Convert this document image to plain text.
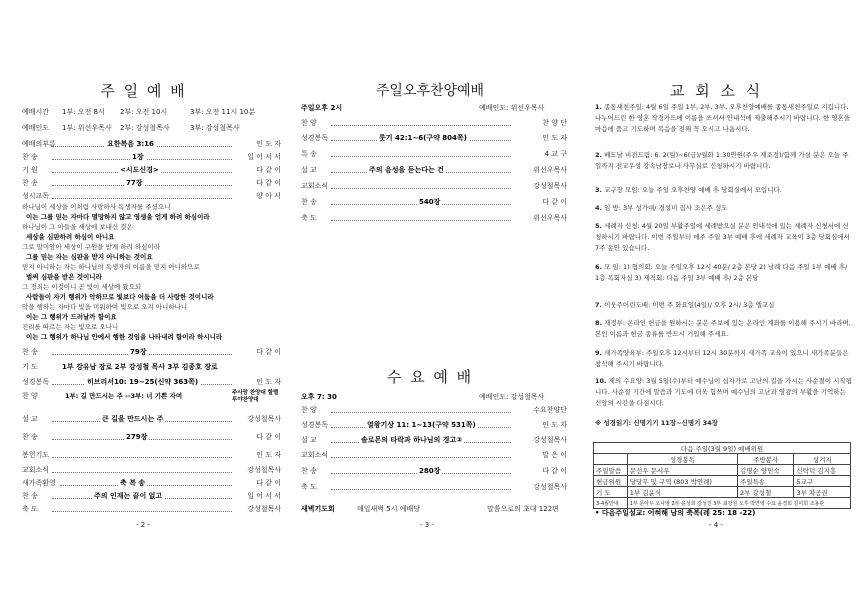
주 일 예 배
예배시간 1부: 오전 8시 2부: 오전 10시	3부: 오전 11시 10분
예배인도 1부: 위선우목사 2부: 강성철목사	3부: 강성철목사
예배의부름	요한복음 3:16	인 도 자
찬 송	1장	일 어 서 서
기 원	<시도신경>	다 같 이
찬 송	77장	다 같 이
성시교독	양 아 서
하나님이 세상을 이처럼 사랑하사 독생자를 주셨으니
이는 그를 믿는 자마다 멸망하지 않고 영생을 얻게 하려 하심이라
하나님이 그 아들을 세상에 보내신 것은
세상을 심판하려 하심이 아니요
그로 말미암아 세상이 구원을 받게 하려 하심이라
그를 믿는 자는 심판을 받지 아니하는 것이요
믿지 아니하는 자는 하나님의 독생자의 이름을 믿지 아니하므로
벌써 심판을 받은 것이니라
그 정죄는 이것이니 곧 빛이 세상에 왔으되
사람들이 자기 행위가 악하므로 빛보다 어둠을 더 사랑한 것이니라
악을 행하는 자마다 빛을 미워하여 빛으로 오지 아니하나니
이는 그 행위가 드러날까 함이요
진리를 따르는 자는 빛으로 오나니
이는 그 행위가 하나님 안에서 행한 것임을 나타내려 함이라 하시니라
찬 송	79장	다 같 이
기 도	1부 강유남 장로 2부 강성철 목사 3부 김종호 장로
성경봉독	히브리서10: 19~25(신약 363쪽)	인 도 자
찬 양	1부: 길 만드시는 주 --3부: 너 기쁜 자여	주사랑 찬양대 할렐루야찬양대
설 교	큰 길을 만드시는 주	강성철목사
찬 송	279장	다 같 이
봉헌기도	인 도 자
교회소식	강성철목사
새가족환영	축 복 송	다 같 이
찬 송	주의 인재는 끝이 없고	일 어 서 서
축 도	강성철목사
- 2 -
주일오후찬양예배
주일오후 2시	예배인도: 위선우목사
찬 양	찬 양 단
성경봉독	룻기 42:1~6(구약 804쪽)	인 도 자
특 송	4 교 구
설 교	주의 음성을 듣는다는 건	위선우목사
교회소식	강성철목사
찬 송	540장	다 같 이
축 도	위선우목사
수 요 예 배
오후 7: 30	예배인도: 강성철목사
찬 양	수요찬양단
성경봉독	열왕기상 11: 1~13(구약 531쪽)	인 도 자
설 교	솔로몬의 타락과 하나님의 경고②	강성철목사
교회소식	말 은 이
찬 송	280장	다 같 이
축 도	강성철목사
새벽기도회	매일새벽 5시 예배당	말씀으로의 초대 122편
- 3 -
교 회 소 식
1. 종통새친주일: 4월 6일 주일 1부, 2부, 3부, 오후찬양예배를 종통새친주일로 지킵니다. 나누어드린 한 영혼 작정카드에 이름을 쓰셔서 안내석에 제출해주시기 바랍니다. 한 영혼을 마음에 품고 기도하며 복음을 전해 꼭 오시고 나옵시다.
2. 배드날 비전드림: 6. 2(월)~6(금)/월화 1:30만원(주우 제조정)/함께 가실 분은 오늘 주일까지 전교우성 강속남장로나 사무실로 신청하시기 바랍니다.
3. 교구장 모임: 오늘 주일 오후찬양 예배 후 당회실에서 모입니다.
4. 임 방: 3부 성가대/ 경성미 집사 조은주 성도
5. 세례자 신청: 4월 20일 부활주일에 세례받으실 분은 안내석에 있는 세례자 신청서에 신청하시기 바랍니다. 이번 주일부터 매주 주일 3부 예배 후에 세례자 교육이 3층 당회실에서 7주 동안 있습니다.
6. 모 임: 1) 협의회: 오늘 주일오후 12시 40분/ 2층 본당 2) 남례 다음 주일 1부 예배 후/ 1층 목회자실 3) 제직회: 다음 주일 3부 예배 후/ 2층 본당
7. 이웃주어린도배: 이번 주 화요일(4일)/ 오후 2시/ 3층 엘교실
8. 재정부: 온라인 헌금을 원하시는 분은 주보에 있는 온라인 계좌를 이용해 주시기 바라며, 본인 이름과 헌금 종류를 반드시 기입해 주세요.
9. 새가족양육부: 주일오후 12시부터 12시 30분까지 새가족 교육이 있으니 새가족분들은 참석해 주시기 바랍니다.
10. 제의 수요양: 3월 5일(수)부터 예수님이 십자가로 고난의 길을 가시는 사순절이 시작됩니다. 사순절 기간에 말씀과 기도에 더욱 힘쓰며 예수님의 고난과 영광의 부활을 기억하는 신앙의 시간을 다짐시다.
※ 성경읽기: 신명기기 11장~신명기 34장
다음 주일(3월 9일) 예배위원			
	성경봉독	주방봉사	성겨지
주일말씀	문선우 문서우	김명순 양민숙	신탁덕 김지흥
헌금위원	당당무 및 구역 (803 박연례)	주일특송	5교구
기 도	1부 김윤식	2부 강성철	3부 차공권
3-4월안내	1부 문아우 오나영 2부 윤성희 강성진 3부 최강원 오후 박연영 수요 윤경희 김미희 조용관		
• 다음주일설교: 어혀해 남의 축복(레 25: 18 -22)
- 4 -
